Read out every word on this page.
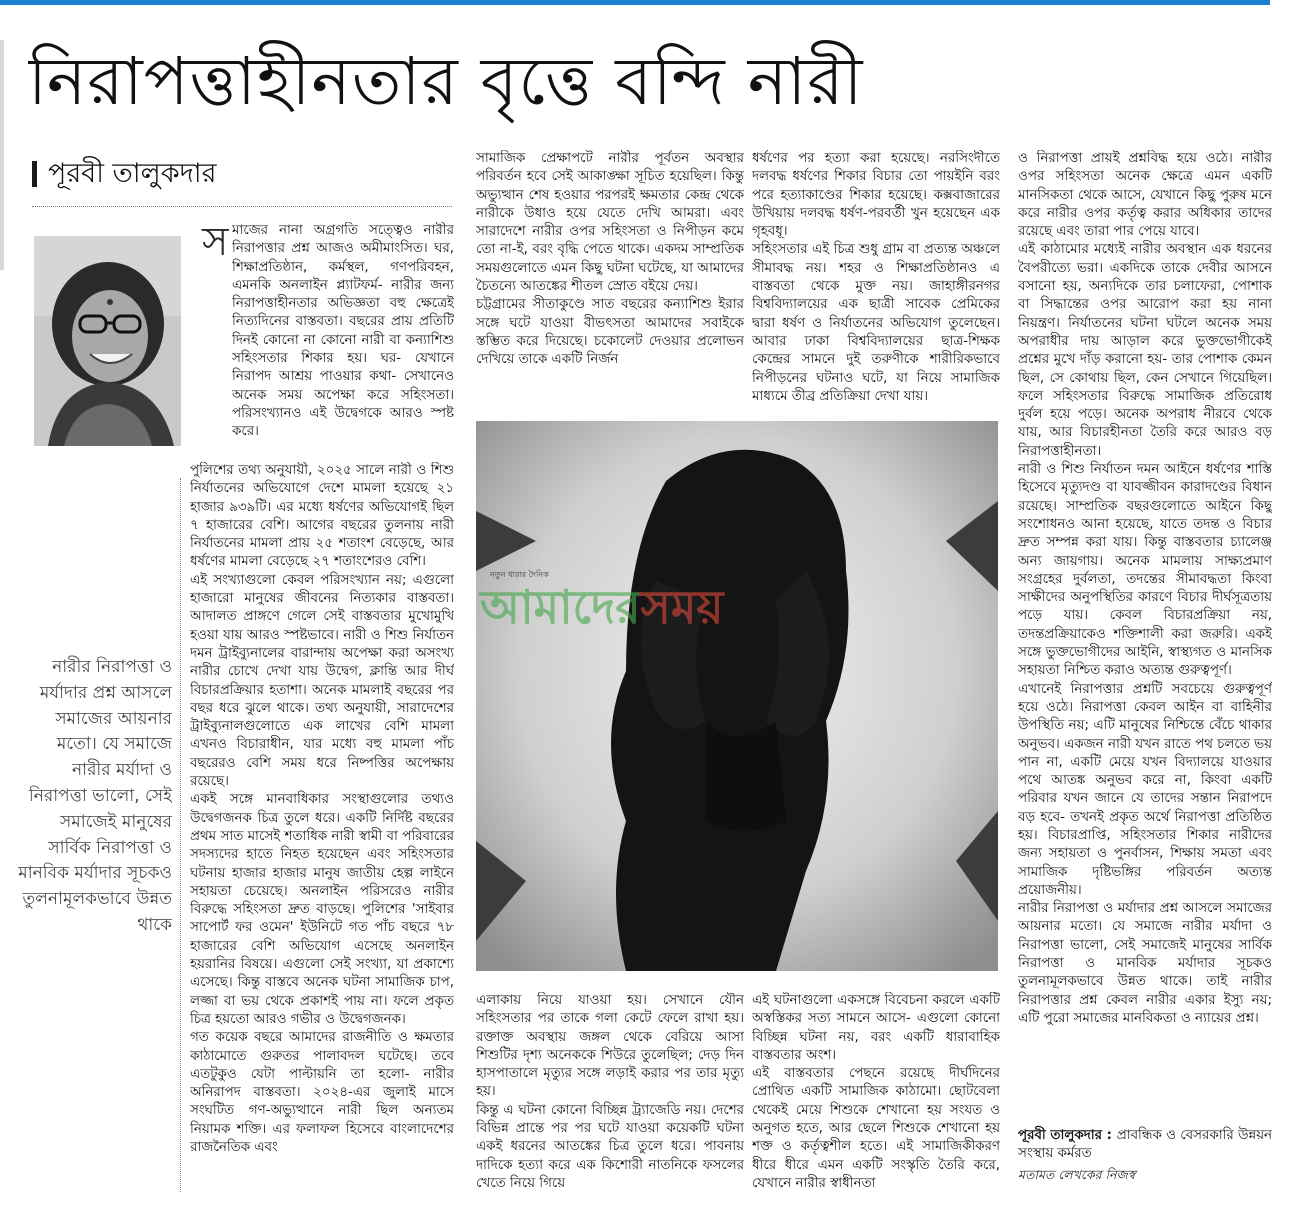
নিরাপত্তাহীনতার বৃত্তে বন্দি নারী
পূরবী তালুকদার
স মাজের নানা অগ্রগতি সত্ত্বেও নারীর নিরাপত্তার প্রশ্ন আজও অমীমাংসিত। ঘর, শিক্ষাপ্রতিষ্ঠান, কর্মস্থল, গণপরিবহন, এমনকি অনলাইন প্ল্যাটফর্ম- নারীর জন্য নিরাপত্তাহীনতার অভিজ্ঞতা বহু ক্ষেত্রেই নিত্যদিনের বাস্তবতা। বছরের প্রায় প্রতিটি দিনই কোনো না কোনো নারী বা কন্যাশিশু সহিংসতার শিকার হয়। ঘর- যেখানে নিরাপদ আশ্রয় পাওয়ার কথা- সেখানেও অনেক সময় অপেক্ষা করে সহিংসতা। পরিসংখ্যানও এই উদ্বেগকে আরও স্পষ্ট করে।

পুলিশের তথ্য অনুযায়ী, ২০২৫ সালে নারী ও শিশু নির্যাতনের অভিযোগে দেশে মামলা হয়েছে ২১ হাজার ৯৩৯টি। এর মধ্যে ধর্ষণের অভিযোগই ছিল ৭ হাজারের বেশি। আগের বছরের তুলনায় নারী নির্যাতনের মামলা প্রায় ২৫ শতাংশ বেড়েছে, আর ধর্ষণের মামলা বেড়েছে ২৭ শতাংশেরও বেশি।

এই সংখ্যাগুলো কেবল পরিসংখ্যান নয়; এগুলো হাজারো মানুষের জীবনের নিত্যকার বাস্তবতা। আদালত প্রাঙ্গণে গেলে সেই বাস্তবতার মুখোমুখি হওয়া যায় আরও স্পষ্টভাবে। নারী ও শিশু নির্যাতন দমন ট্রাইব্যুনালের বারান্দায় অপেক্ষা করা অসংখ্য নারীর চোখে দেখা যায় উদ্বেগ, ক্লান্তি আর দীর্ঘ বিচারপ্রক্রিয়ার হতাশা। অনেক মামলাই বছরের পর বছর ধরে ঝুলে থাকে। তথ্য অনুযায়ী, সারাদেশের ট্রাইব্যুনালগুলোতে এক লাখের বেশি মামলা এখনও বিচারাধীন, যার মধ্যে বহু মামলা পাঁচ বছরেরও বেশি সময় ধরে নিষ্পত্তির অপেক্ষায় রয়েছে।

একই সঙ্গে মানবাধিকার সংস্থাগুলোর তথ্যও উদ্বেগজনক চিত্র তুলে ধরে। একটি নির্দিষ্ট বছরের প্রথম সাত মাসেই শতাধিক নারী স্বামী বা পরিবারের সদস্যদের হাতে নিহত হয়েছেন এবং সহিংসতার ঘটনায় হাজার হাজার মানুষ জাতীয় হেল্প লাইনে সহায়তা চেয়েছে। অনলাইন পরিসরেও নারীর বিরুদ্ধে সহিংসতা দ্রুত বাড়ছে। পুলিশের 'সাইবার সাপোর্ট ফর ওমেন' ইউনিটে গত পাঁচ বছরে ৭৮ হাজারের বেশি অভিযোগ এসেছে অনলাইন হয়রানির বিষয়ে। এগুলো সেই সংখ্যা, যা প্রকাশ্যে এসেছে। কিন্তু বাস্তবে অনেক ঘটনা সামাজিক চাপ, লজ্জা বা ভয় থেকে প্রকাশই পায় না। ফলে প্রকৃত চিত্র হয়তো আরও গভীর ও উদ্বেগজনক।

গত কয়েক বছরে আমাদের রাজনীতি ও ক্ষমতার কাঠামোতে গুরুতর পালাবদল ঘটেছে। তবে এতটুকুও যেটা পাল্টায়নি তা হলো- নারীর অনিরাপদ বাস্তবতা। ২০২৪-এর জুলাই মাসে সংঘটিত গণ-অভ্যুত্থানে নারী ছিল অন্যতম নিয়ামক শক্তি। এর ফলাফল হিসেবে বাংলাদেশের রাজনৈতিক এবং

নারীর নিরাপত্তা ও মর্যাদার প্রশ্ন আসলে সমাজের আয়নার মতো। যে সমাজে নারীর মর্যাদা ও নিরাপত্তা ভালো, সেই সমাজেই মানুষের সার্বিক নিরাপত্তা ও মানবিক মর্যাদার সূচকও তুলনামূলকভাবে উন্নত থাকে

সামাজিক প্রেক্ষাপটে নারীর পূর্বতন অবস্থার পরিবর্তন হবে সেই আকাঙ্ক্ষা সূচিত হয়েছিল। কিন্তু অভ্যুত্থান শেষ হওয়ার পরপরই ক্ষমতার কেন্দ্র থেকে নারীকে উধাও হয়ে যেতে দেখি আমরা। এবং সারাদেশে নারীর ওপর সহিংসতা ও নিপীড়ন কমে তো না-ই, বরং বৃদ্ধি পেতে থাকে। একদম সাম্প্রতিক সময়গুলোতে এমন কিছু ঘটনা ঘটেছে, যা আমাদের চৈতন্যে আতঙ্কের শীতল স্রোত বইয়ে দেয়।
চট্টগ্রামের সীতাকুণ্ডে সাত বছরের কন্যাশিশু ইরার সঙ্গে ঘটে যাওয়া বীভৎসতা আমাদের সবাইকে স্তম্ভিত করে দিয়েছে। চকোলেট দেওয়ার প্রলোভন দেখিয়ে তাকে একটি নির্জন

ধর্ষণের পর হত্যা করা হয়েছে। নরসিংদীতে দলবদ্ধ ধর্ষণের শিকার বিচার তো পায়ইনি বরং পরে হত্যাকাণ্ডের শিকার হয়েছে। কক্সবাজারের উখিয়ায় দলবদ্ধ ধর্ষণ-পরবর্তী খুন হয়েছেন এক গৃহবধূ।
সহিংসতার এই চিত্র শুধু গ্রাম বা প্রত্যন্ত অঞ্চলে সীমাবদ্ধ নয়। শহর ও শিক্ষাপ্রতিষ্ঠানও এ বাস্তবতা থেকে মুক্ত নয়। জাহাঙ্গীরনগর বিশ্ববিদ্যালয়ের এক ছাত্রী সাবেক প্রেমিকের দ্বারা ধর্ষণ ও নির্যাতনের অভিযোগ তুলেছেন। আবার ঢাকা বিশ্ববিদ্যালয়ের ছাত্র-শিক্ষক কেন্দ্রের সামনে দুই তরুণীকে শারীরিকভাবে নিপীড়নের ঘটনাও ঘটে, যা নিয়ে সামাজিক মাধ্যমে তীব্র প্রতিক্রিয়া দেখা যায়।

নতুন ধারার দৈনিক
আমাদেরসময়

এলাকায় নিয়ে যাওয়া হয়। সেখানে যৌন সহিংসতার পর তাকে গলা কেটে ফেলে রাখা হয়। রক্তাক্ত অবস্থায় জঙ্গল থেকে বেরিয়ে আসা শিশুটির দৃশ্য অনেককে শিউরে তুলেছিল; দেড় দিন হাসপাতালে মৃত্যুর সঙ্গে লড়াই করার পর তার মৃত্যু হয়।
কিন্তু এ ঘটনা কোনো বিচ্ছিন্ন ট্র্যাজেডি নয়। দেশের বিভিন্ন প্রান্তে পর পর ঘটে যাওয়া কয়েকটি ঘটনা একই ধরনের আতঙ্কের চিত্র তুলে ধরে। পাবনায় দাদিকে হত্যা করে এক কিশোরী নাতনিকে ফসলের খেতে নিয়ে গিয়ে

এই ঘটনাগুলো একসঙ্গে বিবেচনা করলে একটি অস্বস্তিকর সত্য সামনে আসে- এগুলো কোনো বিচ্ছিন্ন ঘটনা নয়, বরং একটি ধারাবাহিক বাস্তবতার অংশ।
এই বাস্তবতার পেছনে রয়েছে দীর্ঘদিনের প্রোথিত একটি সামাজিক কাঠামো। ছোটবেলা থেকেই মেয়ে শিশুকে শেখানো হয় সংযত ও অনুগত হতে, আর ছেলে শিশুকে শেখানো হয় শক্ত ও কর্তৃত্বশীল হতে। এই সামাজিকীকরণ ধীরে ধীরে এমন একটি সংস্কৃতি তৈরি করে, যেখানে নারীর স্বাধীনতা

ও নিরাপত্তা প্রায়ই প্রশ্নবিদ্ধ হয়ে ওঠে। নারীর ওপর সহিংসতা অনেক ক্ষেত্রে এমন একটি মানসিকতা থেকে আসে, যেখানে কিছু পুরুষ মনে করে নারীর ওপর কর্তৃত্ব করার অধিকার তাদের রয়েছে এবং তারা পার পেয়ে যাবে।
এই কাঠামোর মধ্যেই নারীর অবস্থান এক ধরনের বৈপরীত্যে ভরা। একদিকে তাকে দেবীর আসনে বসানো হয়, অন্যদিকে তার চলাফেরা, পোশাক বা সিদ্ধান্তের ওপর আরোপ করা হয় নানা নিয়ন্ত্রণ। নির্যাতনের ঘটনা ঘটলে অনেক সময় অপরাধীর দায় আড়াল করে ভুক্তভোগীকেই প্রশ্নের মুখে দাঁড় করানো হয়- তার পোশাক কেমন ছিল, সে কোথায় ছিল, কেন সেখানে গিয়েছিল। ফলে সহিংসতার বিরুদ্ধে সামাজিক প্রতিরোধ দুর্বল হয়ে পড়ে। অনেক অপরাধ নীরবে থেকে যায়, আর বিচারহীনতা তৈরি করে আরও বড় নিরাপত্তাহীনতা।
নারী ও শিশু নির্যাতন দমন আইনে ধর্ষণের শাস্তি হিসেবে মৃত্যুদণ্ড বা যাবজ্জীবন কারাদণ্ডের বিধান রয়েছে। সাম্প্রতিক বছরগুলোতে আইনে কিছু সংশোধনও আনা হয়েছে, যাতে তদন্ত ও বিচার দ্রুত সম্পন্ন করা যায়। কিন্তু বাস্তবতার চ্যালেঞ্জ অন্য জায়গায়। অনেক মামলায় সাক্ষ্যপ্রমাণ সংগ্রহের দুর্বলতা, তদন্তের সীমাবদ্ধতা কিংবা সাক্ষীদের অনুপস্থিতির কারণে বিচার দীর্ঘসূত্রতায় পড়ে যায়। কেবল বিচারপ্রক্রিয়া নয়, তদন্তপ্রক্রিয়াকেও শক্তিশালী করা জরুরি। একই সঙ্গে ভুক্তভোগীদের আইনি, স্বাস্থ্যগত ও মানসিক সহায়তা নিশ্চিত করাও অত্যন্ত গুরুত্বপূর্ণ।
এখানেই নিরাপত্তার প্রশ্নটি সবচেয়ে গুরুত্বপূর্ণ হয়ে ওঠে। নিরাপত্তা কেবল আইন বা বাহিনীর উপস্থিতি নয়; এটি মানুষের নিশ্চিন্তে বেঁচে থাকার অনুভব। একজন নারী যখন রাতে পথ চলতে ভয় পান না, একটি মেয়ে যখন বিদ্যালয়ে যাওয়ার পথে আতঙ্ক অনুভব করে না, কিংবা একটি পরিবার যখন জানে যে তাদের সন্তান নিরাপদে বড় হবে- তখনই প্রকৃত অর্থে নিরাপত্তা প্রতিষ্ঠিত হয়। বিচারপ্রাপ্তি, সহিংসতার শিকার নারীদের জন্য সহায়তা ও পুনর্বাসন, শিক্ষায় সমতা এবং সামাজিক দৃষ্টিভঙ্গির পরিবর্তন অত্যন্ত প্রয়োজনীয়।
নারীর নিরাপত্তা ও মর্যাদার প্রশ্ন আসলে সমাজের আয়নার মতো। যে সমাজে নারীর মর্যাদা ও নিরাপত্তা ভালো, সেই সমাজেই মানুষের সার্বিক নিরাপত্তা ও মানবিক মর্যাদার সূচকও তুলনামূলকভাবে উন্নত থাকে। তাই নারীর নিরাপত্তার প্রশ্ন কেবল নারীর একার ইস্যু নয়; এটি পুরো সমাজের মানবিকতা ও ন্যায়ের প্রশ্ন।

পূরবী তালুকদার : প্রাবন্ধিক ও বেসরকারি উন্নয়ন সংস্থায় কর্মরত
মতামত লেখকের নিজস্ব
